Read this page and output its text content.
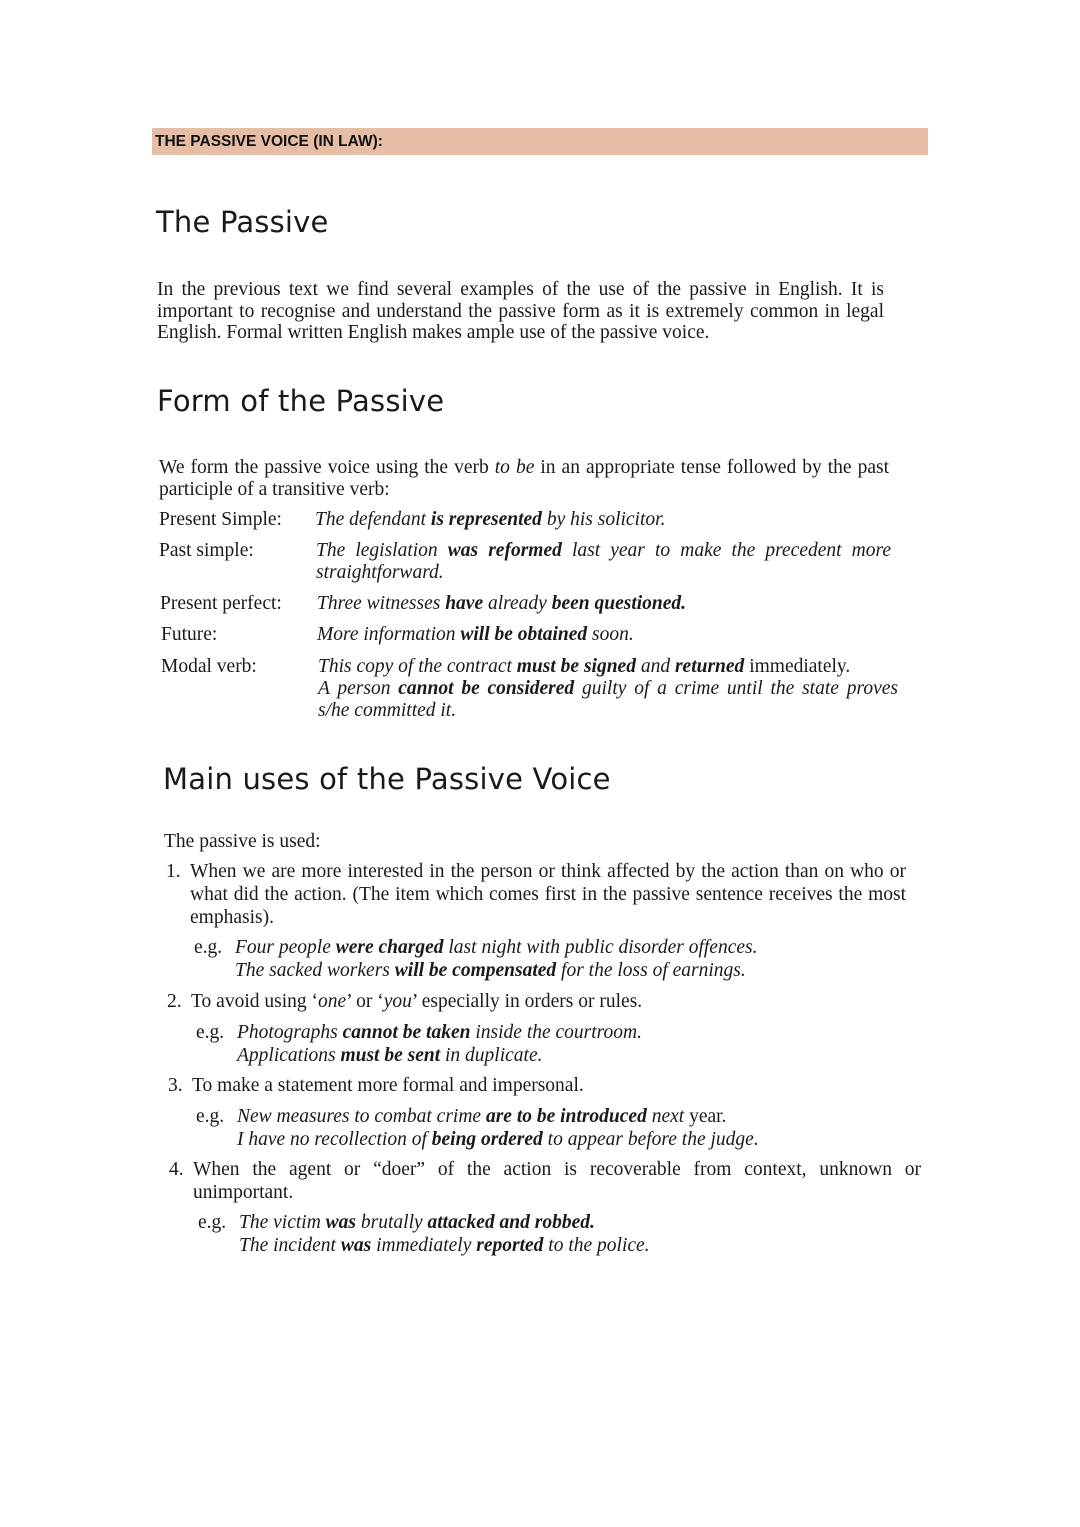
THE PASSIVE VOICE (IN LAW):
The Passive

In the previous text we find several examples of the use of the passive in English. It is important to recognise and understand the passive form as it is extremely common in legal English. Formal written English makes ample use of the passive voice.

Form of the Passive

We form the passive voice using the verb to be in an appropriate tense followed by the past participle of a transitive verb:

Present Simple: The defendant is represented by his solicitor.
Past simple:	The legislation was reformed last year to make the precedent more straightforward.
Present perfect: Three witnesses have already been questioned.
Future:	More information will be obtained soon.
Modal verb:	This copy of the contract must be signed and returned immediately.
A person cannot be considered guilty of a crime until the state proves s/he committed it.
Main uses of the Passive Voice

The passive is used:

1. When we are more interested in the person or think affected by the action than on who or what did the action. (The item which comes first in the passive sentence receives the most emphasis).
e.g. Four people were charged last night with public disorder offences.
The sacked workers will be compensated for the loss of earnings.
2. To avoid using ‘one’ or ‘you’ especially in orders or rules.
e.g. Photographs cannot be taken inside the courtroom.
Applications must be sent in duplicate.
3. To make a statement more formal and impersonal.
e.g. New measures to combat crime are to be introduced next year.
I have no recollection of being ordered to appear before the judge.
4. When the agent or “doer” of the action is recoverable from context, unknown or unimportant.
e.g. The victim was brutally attacked and robbed.
The incident was immediately reported to the police.
